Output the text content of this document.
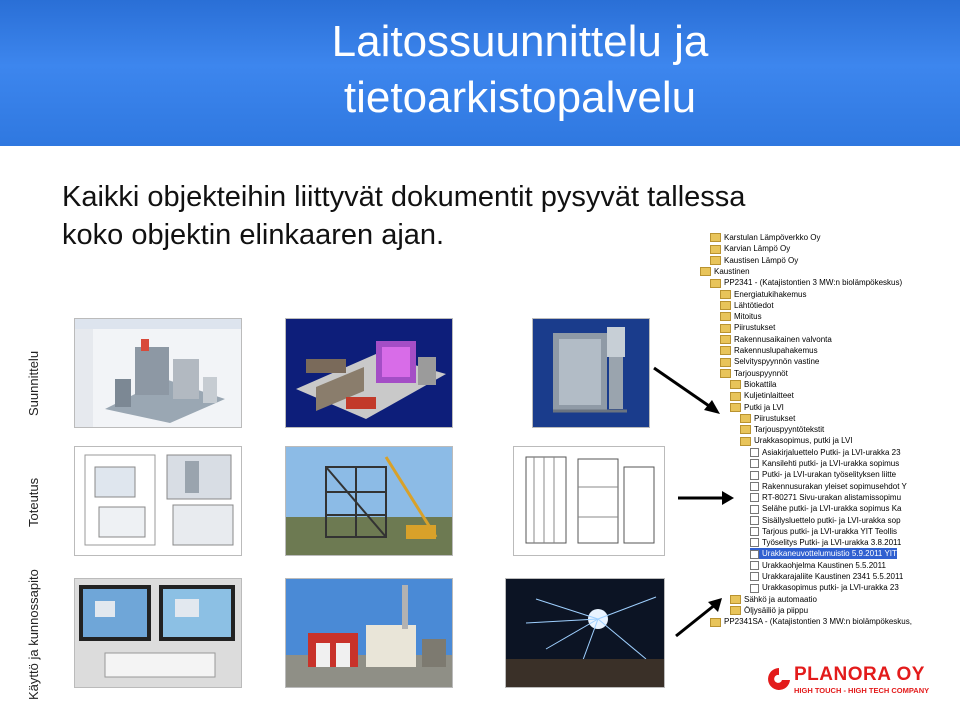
Laitossuunnittelu ja
tietoarkistopalvelu
Kaikki objekteihin liittyvät dokumentit pysyvät tallessa
koko objektin elinkaaren ajan.
Suunnittelu
Toteutus
Käyttö ja kunnossapito
Karstulan Lämpöverkko Oy
Karvian Lämpö Oy
Kaustisen Lämpö Oy
Kaustinen
PP2341 - (Katajistontien 3 MW:n biolämpökeskus)
Energiatukihakemus
Lähtötiedot
Mitoitus
Piirustukset
Rakennusaikainen valvonta
Rakennuslupahakemus
Selvityspyynnön vastine
Tarjouspyynnöt
Biokattila
Kuljetinlaitteet
Putki ja LVI
Piirustukset
Tarjouspyyntötekstit
Urakkasopimus, putki ja LVI
Asiakirjaluettelo Putki- ja LVI-urakka 23
Kansilehti putki- ja LVI-urakka sopimus
Putki- ja LVI-urakan työselityksen liitte
Rakennusurakan yleiset sopimusehdot Y
RT-80271 Sivu-urakan alistamissopimu
Selähe putki- ja LVI-urakka sopimus Ka
Sisällysluettelo putki- ja LVI-urakka sop
Tarjous putki- ja LVI-urakka YIT Teollis
Työselitys Putki- ja LVI-urakka 3.8.2011
Urakkaneuvottelumuistio 5.9.2011 YIT
Urakkaohjelma Kaustinen 5.5.2011
Urakkarajaliite Kaustinen 2341 5.5.2011
Urakkasopimus putki- ja LVI-urakka 23
Sähkö ja automaatio
Öljysäiliö ja piippu
PP2341SA - (Katajistontien 3 MW:n biolämpökeskus,
PLANORA OY
HIGH TOUCH - HIGH TECH COMPANY
